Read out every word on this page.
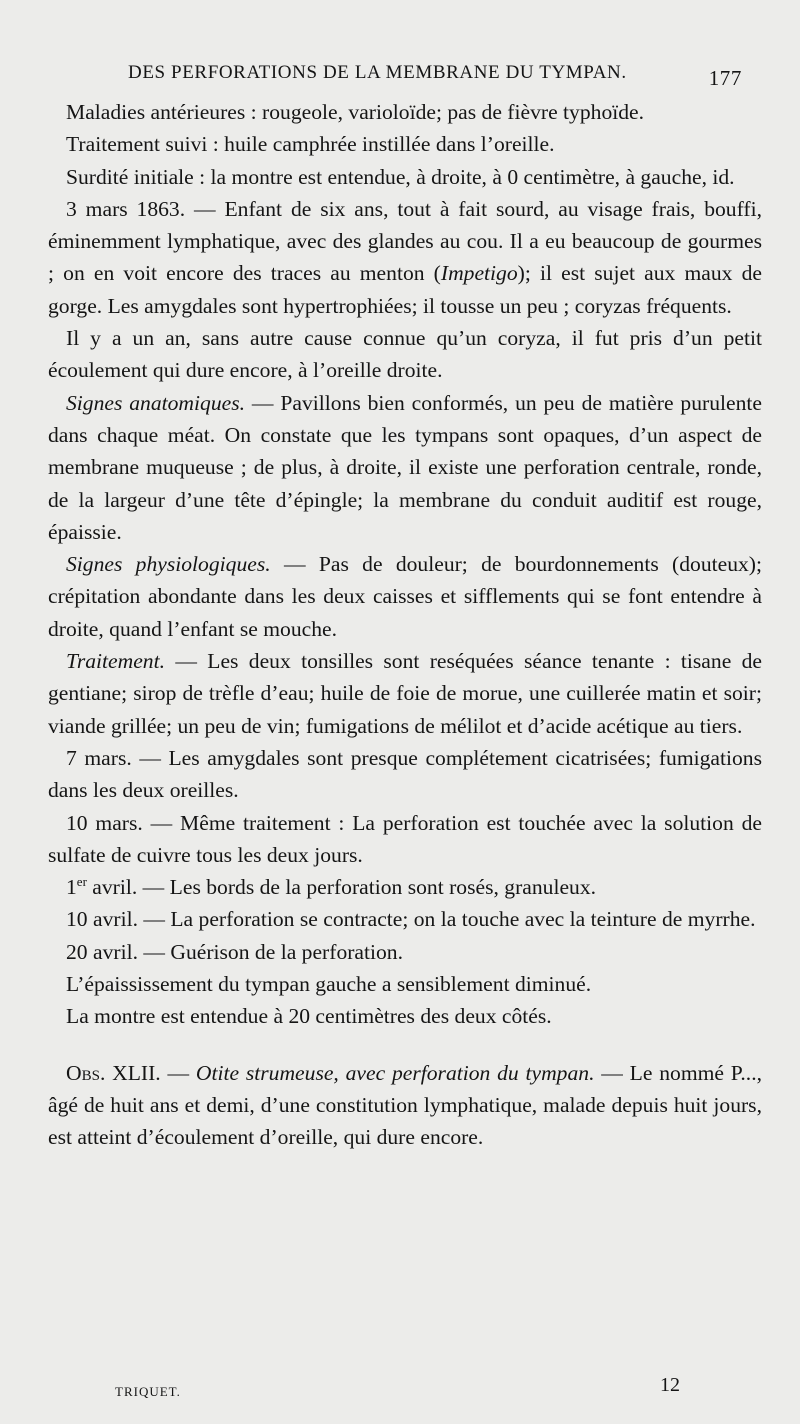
DES PERFORATIONS DE LA MEMBRANE DU TYMPAN.	177

Maladies antérieures : rougeole, varioloïde; pas de fièvre typhoïde.

Traitement suivi : huile camphrée instillée dans l’oreille.

Surdité initiale : la montre est entendue, à droite, à 0 centimètre, à gauche, id.

3 mars 1863. — Enfant de six ans, tout à fait sourd, au visage frais, bouffi, éminemment lymphatique, avec des glandes au cou. Il a eu beaucoup de gourmes ; on en voit encore des traces au menton (Impetigo); il est sujet aux maux de gorge. Les amygdales sont hypertrophiées; il tousse un peu ; coryzas fréquents.

Il y a un an, sans autre cause connue qu’un coryza, il fut pris d’un petit écoulement qui dure encore, à l’oreille droite.

Signes anatomiques. — Pavillons bien conformés, un peu de matière purulente dans chaque méat. On constate que les tympans sont opaques, d’un aspect de membrane muqueuse ; de plus, à droite, il existe une perforation centrale, ronde, de la largeur d’une tête d’épingle; la membrane du conduit auditif est rouge, épaissie.

Signes physiologiques. — Pas de douleur; de bourdonnements (douteux); crépitation abondante dans les deux caisses et sifflements qui se font entendre à droite, quand l’enfant se mouche.

Traitement. — Les deux tonsilles sont reséquées séance tenante : tisane de gentiane; sirop de trèfle d’eau; huile de foie de morue, une cuillerée matin et soir; viande grillée; un peu de vin; fumigations de mélilot et d’acide acétique au tiers.

7 mars. — Les amygdales sont presque complétement cicatrisées; fumigations dans les deux oreilles.

10 mars. — Même traitement : La perforation est touchée avec la solution de sulfate de cuivre tous les deux jours.

1er avril. — Les bords de la perforation sont rosés, granuleux.

10 avril. — La perforation se contracte; on la touche avec la teinture de myrrhe.

20 avril. — Guérison de la perforation.

L’épaississement du tympan gauche a sensiblement diminué.

La montre est entendue à 20 centimètres des deux côtés.

Obs. XLII. — Otite strumeuse, avec perforation du tympan. — Le nommé P..., âgé de huit ans et demi, d’une constitution lymphatique, malade depuis huit jours, est atteint d’écoulement d’oreille, qui dure encore.

TRIQUET.	12
